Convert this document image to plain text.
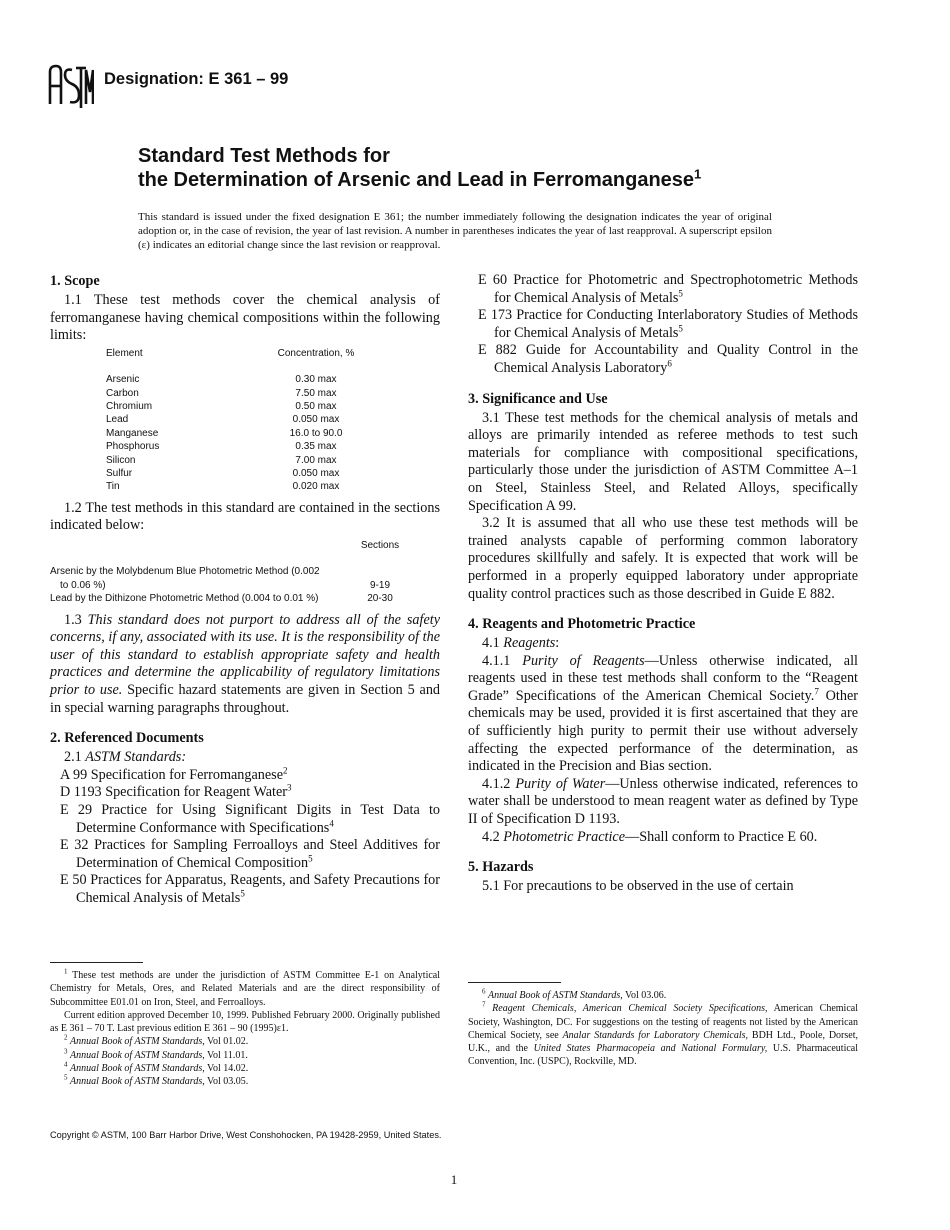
Designation: E 361 – 99
Standard Test Methods for
the Determination of Arsenic and Lead in Ferromanganese$^1$
This standard is issued under the fixed designation E 361; the number immediately following the designation indicates the year of original adoption or, in the case of revision, the year of last revision. A number in parentheses indicates the year of last reapproval. A superscript epsilon (ε) indicates an editorial change since the last revision or reapproval.
1. Scope

1.1 These test methods cover the chemical analysis of ferromanganese having chemical compositions within the following limits:

Element	Concentration, %
Arsenic	0.30 max
Carbon	7.50 max
Chromium	0.50 max
Lead	0.050 max
Manganese	16.0 to 90.0
Phosphorus	0.35 max
Silicon	7.00 max
Sulfur	0.050 max
Tin	0.020 max

1.2 The test methods in this standard are contained in the sections indicated below:

	Sections

Arsenic by the Molybdenum Blue Photometric Method (0.002
to 0.06 %)	9-19
Lead by the Dithizone Photometric Method (0.004 to 0.01 %)	20-30

1.3 This standard does not purport to address all of the safety concerns, if any, associated with its use. It is the responsibility of the user of this standard to establish appropriate safety and health practices and determine the applicability of regulatory limitations prior to use. Specific hazard statements are given in Section 5 and in special warning paragraphs throughout.

2. Referenced Documents

2.1 ASTM Standards:

A 99 Specification for Ferromanganese$^2$

D 1193 Specification for Reagent Water$^3$

E 29 Practice for Using Significant Digits in Test Data to Determine Conformance with Specifications$^4$

E 32 Practices for Sampling Ferroalloys and Steel Additives for Determination of Chemical Composition$^5$

E 50 Practices for Apparatus, Reagents, and Safety Precautions for Chemical Analysis of Metals$^5$

E 60 Practice for Photometric and Spectrophotometric Methods for Chemical Analysis of Metals$^5$

E 173 Practice for Conducting Interlaboratory Studies of Methods for Chemical Analysis of Metals$^5$

E 882 Guide for Accountability and Quality Control in the Chemical Analysis Laboratory$^6$

3. Significance and Use

3.1 These test methods for the chemical analysis of metals and alloys are primarily intended as referee methods to test such materials for compliance with compositional specifications, particularly those under the jurisdiction of ASTM Committee A–1 on Steel, Stainless Steel, and Related Alloys, specifically Specification A 99.

3.2 It is assumed that all who use these test methods will be trained analysts capable of performing common laboratory procedures skillfully and safely. It is expected that work will be performed in a properly equipped laboratory under appropriate quality control practices such as those described in Guide E 882.

4. Reagents and Photometric Practice

4.1 Reagents:

4.1.1 Purity of Reagents—Unless otherwise indicated, all reagents used in these test methods shall conform to the “Reagent Grade” Specifications of the American Chemical Society.$^7$ Other chemicals may be used, provided it is first ascertained that they are of sufficiently high purity to permit their use without adversely affecting the expected performance of the determination, as indicated in the Precision and Bias section.

4.1.2 Purity of Water—Unless otherwise indicated, references to water shall be understood to mean reagent water as defined by Type II of Specification D 1193.

4.2 Photometric Practice—Shall conform to Practice E 60.

5. Hazards

5.1 For precautions to be observed in the use of certain

$^1$ These test methods are under the jurisdiction of ASTM Committee E-1 on Analytical Chemistry for Metals, Ores, and Related Materials and are the direct responsibility of Subcommittee E01.01 on Iron, Steel, and Ferroalloys.

Current edition approved December 10, 1999. Published February 2000. Originally published as E 361 – 70 T. Last previous edition E 361 – 90 (1995)ε1.

$^2$ Annual Book of ASTM Standards, Vol 01.02.

$^3$ Annual Book of ASTM Standards, Vol 11.01.

$^4$ Annual Book of ASTM Standards, Vol 14.02.

$^5$ Annual Book of ASTM Standards, Vol 03.05.

$^6$ Annual Book of ASTM Standards, Vol 03.06.

$^7$ Reagent Chemicals, American Chemical Society Specifications, American Chemical Society, Washington, DC. For suggestions on the testing of reagents not listed by the American Chemical Society, see Analar Standards for Laboratory Chemicals, BDH Ltd., Poole, Dorset, U.K., and the United States Pharmacopeia and National Formulary, U.S. Pharmaceutical Convention, Inc. (USPC), Rockville, MD.

Copyright © ASTM, 100 Barr Harbor Drive, West Conshohocken, PA 19428-2959, United States.
1
